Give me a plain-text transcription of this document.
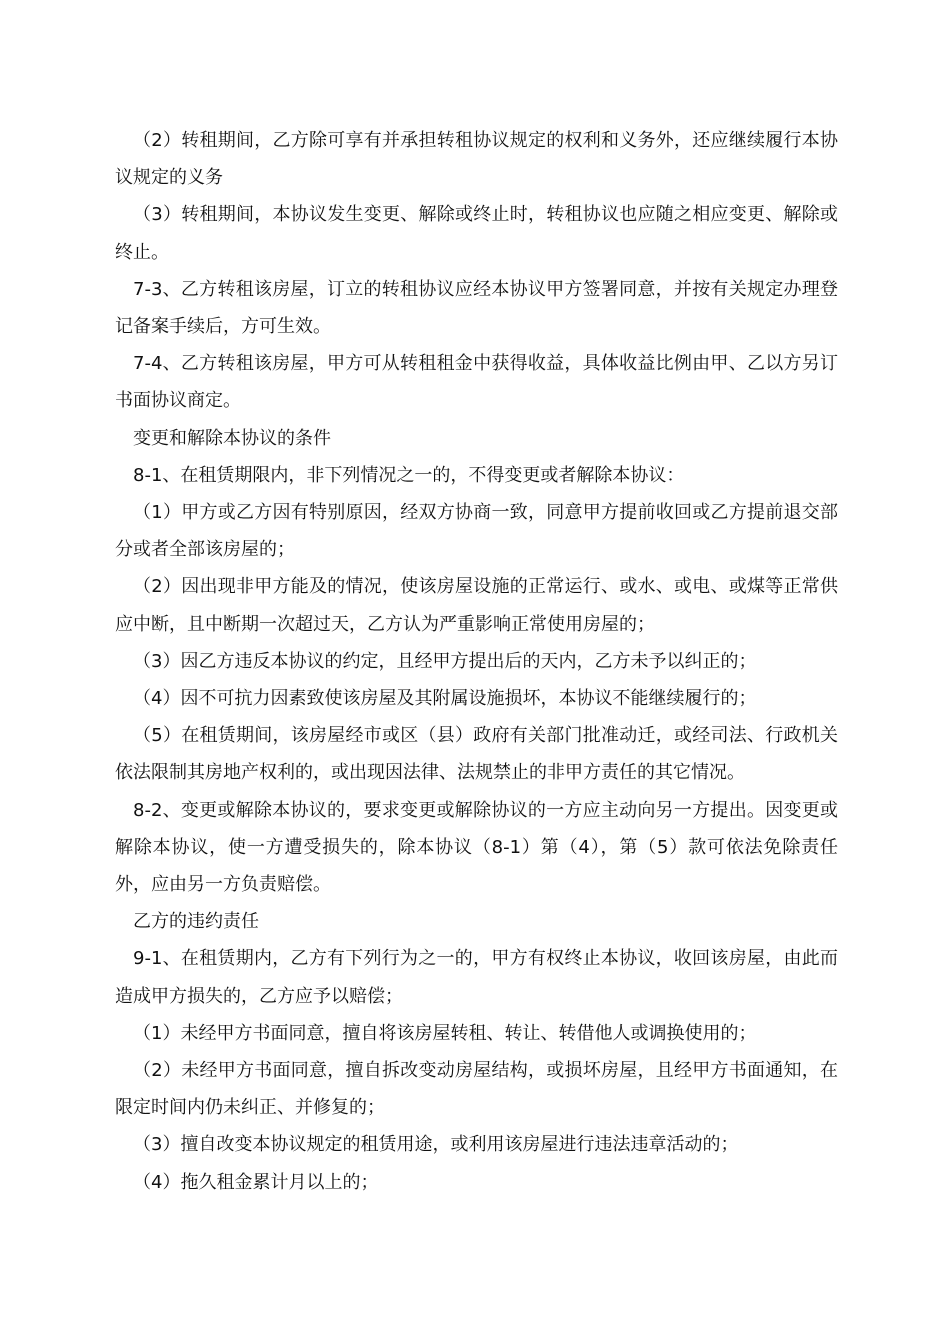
（2）转租期间，乙方除可享有并承担转租协议规定的权利和义务外，还应继续履行本协议规定的义务

（3）转租期间，本协议发生变更、解除或终止时，转租协议也应随之相应变更、解除或终止。

7-3、乙方转租该房屋，订立的转租协议应经本协议甲方签署同意，并按有关规定办理登记备案手续后，方可生效。

7-4、乙方转租该房屋，甲方可从转租租金中获得收益，具体收益比例由甲、乙以方另订书面协议商定。

变更和解除本协议的条件

8-1、在租赁期限内，非下列情况之一的，不得变更或者解除本协议：

（1）甲方或乙方因有特别原因，经双方协商一致，同意甲方提前收回或乙方提前退交部分或者全部该房屋的；

（2）因出现非甲方能及的情况，使该房屋设施的正常运行、或水、或电、或煤等正常供应中断，且中断期一次超过天，乙方认为严重影响正常使用房屋的；

（3）因乙方违反本协议的约定，且经甲方提出后的天内，乙方未予以纠正的；

（4）因不可抗力因素致使该房屋及其附属设施损坏，本协议不能继续履行的；

（5）在租赁期间，该房屋经市或区（县）政府有关部门批准动迁，或经司法、行政机关依法限制其房地产权利的，或出现因法律、法规禁止的非甲方责任的其它情况。

8-2、变更或解除本协议的，要求变更或解除协议的一方应主动向另一方提出。因变更或解除本协议，使一方遭受损失的，除本协议（8-1）第（4），第（5）款可依法免除责任外，应由另一方负责赔偿。

乙方的违约责任

9-1、在租赁期内，乙方有下列行为之一的，甲方有权终止本协议，收回该房屋，由此而造成甲方损失的，乙方应予以赔偿；

（1）未经甲方书面同意，擅自将该房屋转租、转让、转借他人或调换使用的；

（2）未经甲方书面同意，擅自拆改变动房屋结构，或损坏房屋，且经甲方书面通知，在限定时间内仍未纠正、并修复的；

（3）擅自改变本协议规定的租赁用途，或利用该房屋进行违法违章活动的；

（4）拖久租金累计月以上的；
